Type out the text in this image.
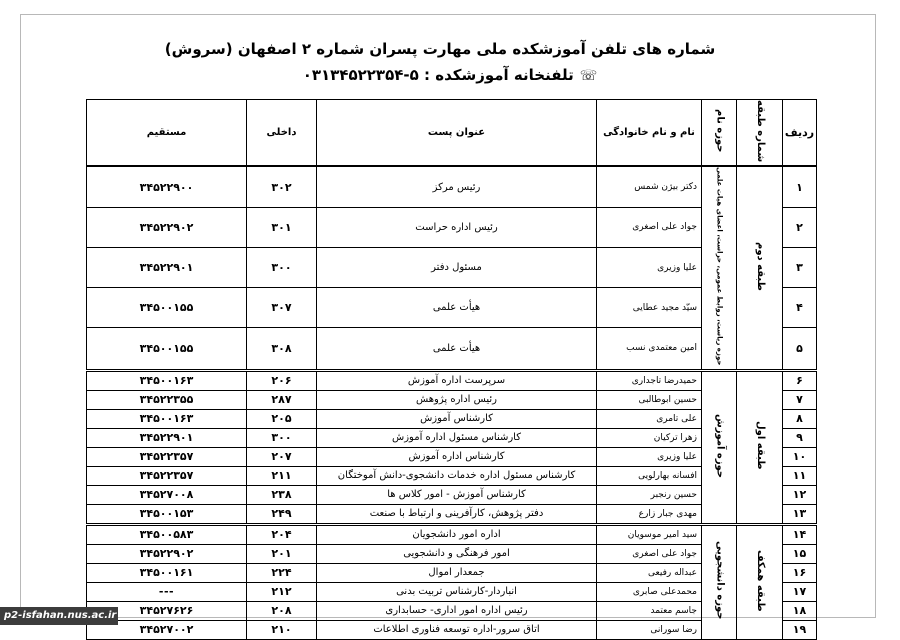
شماره های تلفن آموزشکده ملی مهارت پسران شماره ۲ اصفهان (سروش)
☏تلفنخانه آموزشکده : ۵-۰۳۱۳۴۵۲۲۳۵۴
ردیف	شماره طبقه	حوزه نام	نام و نام خانوادگی	عنوان پست	داخلی	مستقیم
۱	طبقه دوم	حوزه ریاست، روابط عمومی، حراست، اعضای هیات علمی	دکتر بیژن شمس	رئیس مرکز	۳۰۲	۳۴۵۲۲۹۰۰
۲			جواد علی اصغری	رئیس اداره حراست	۳۰۱	۳۴۵۲۲۹۰۲
۳			علیا وزیری	مسئول دفتر	۳۰۰	۳۴۵۲۲۹۰۱
۴			سیّد مجید عطایی	هیأت علمی	۳۰۷	۳۴۵۰۰۱۵۵
۵			امین معتمدی نسب	هیأت علمی	۳۰۸	۳۴۵۰۰۱۵۵
۶	طبقه اول	حوزه آموزش	حمیدرضا تاجداری	سرپرست اداره آموزش	۲۰۶	۳۴۵۰۰۱۶۳
۷			حسین ابوطالبی	رئیس اداره پژوهش	۲۸۷	۳۴۵۲۲۳۵۵
۸			علی تامری	کارشناس آموزش	۲۰۵	۳۴۵۰۰۱۶۳
۹			زهرا ترکیان	کارشناس مسئول اداره آموزش	۳۰۰	۳۴۵۲۲۹۰۱
۱۰			علیا وزیری	کارشناس اداره آموزش	۲۰۷	۳۴۵۲۲۳۵۷
۱۱			افسانه بهارلویی	کارشناس مسئول اداره خدمات دانشجوی-دانش آموختگان	۲۱۱	۳۴۵۲۲۳۵۷
۱۲			حسین رنجبر	کارشناس آموزش - امور کلاس ها	۲۳۸	۳۴۵۲۷۰۰۸
۱۳			مهدی جبار زارع	دفتر پژوهش، کارآفرینی و ارتباط با صنعت	۲۴۹	۳۴۵۰۰۱۵۳
۱۴	طبقه همکف	حوزه دانشجویی	سید امیر موسویان	اداره امور دانشجویان	۲۰۴	۳۴۵۰۰۵۸۳
۱۵			جواد علی اصغری	امور فرهنگی و دانشجویی	۲۰۱	۳۴۵۲۲۹۰۲
۱۶			عبداله رفیعی	جمعدار اموال	۲۲۴	۳۴۵۰۰۱۶۱
۱۷			محمدعلی صابری	انباردار-کارشناس تربیت بدنی	۲۱۲	---
۱۸			جاسم معتمد	رئیس اداره امور اداری- حسابداری	۲۰۸	۳۴۵۲۷۶۲۶
۱۹			رضا سورانی	اتاق سرور-اداره توسعه فناوری اطلاعات	۲۱۰	۳۴۵۲۷۰۰۲
p2-isfahan.nus.ac.ir
